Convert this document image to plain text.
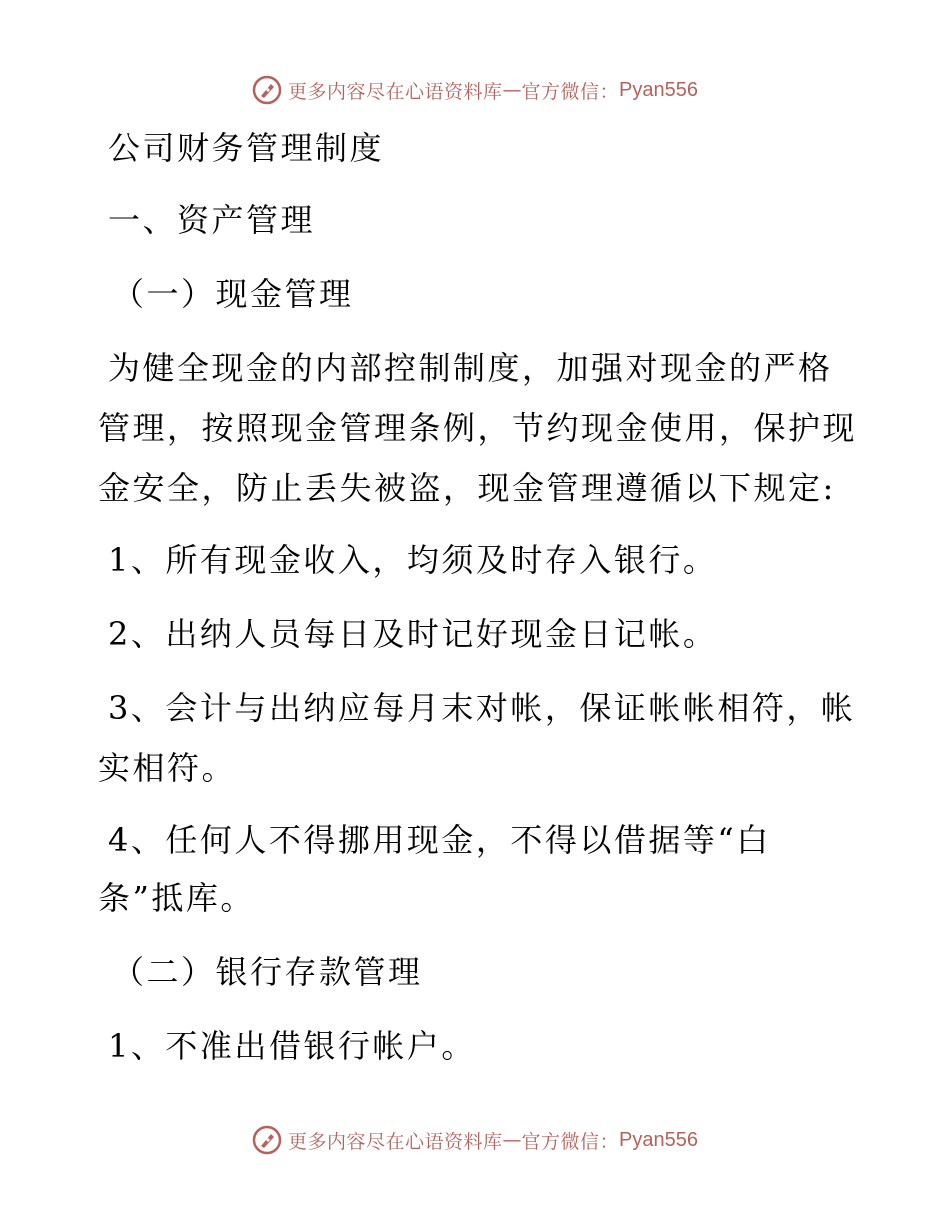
更多内容尽在心语资料库 — 官方微信： Pyan556
公司财务管理制度
一、资产管理
（一）现金管理
为健全现金的内部控制制度，加强对现金的严格
管理，按照现金管理条例，节约现金使用，保护现
金安全，防止丢失被盗，现金管理遵循以下规定:
1、所有现金收入，均须及时存入银行。
2、出纳人员每日及时记好现金日记帐。
3、会计与出纳应每月末对帐，保证帐帐相符，帐
实相符。
4、任何人不得挪用现金，不得以借据等“白
条”抵库。
（二）银行存款管理
1、不准出借银行帐户。
更多内容尽在心语资料库 — 官方微信： Pyan556
